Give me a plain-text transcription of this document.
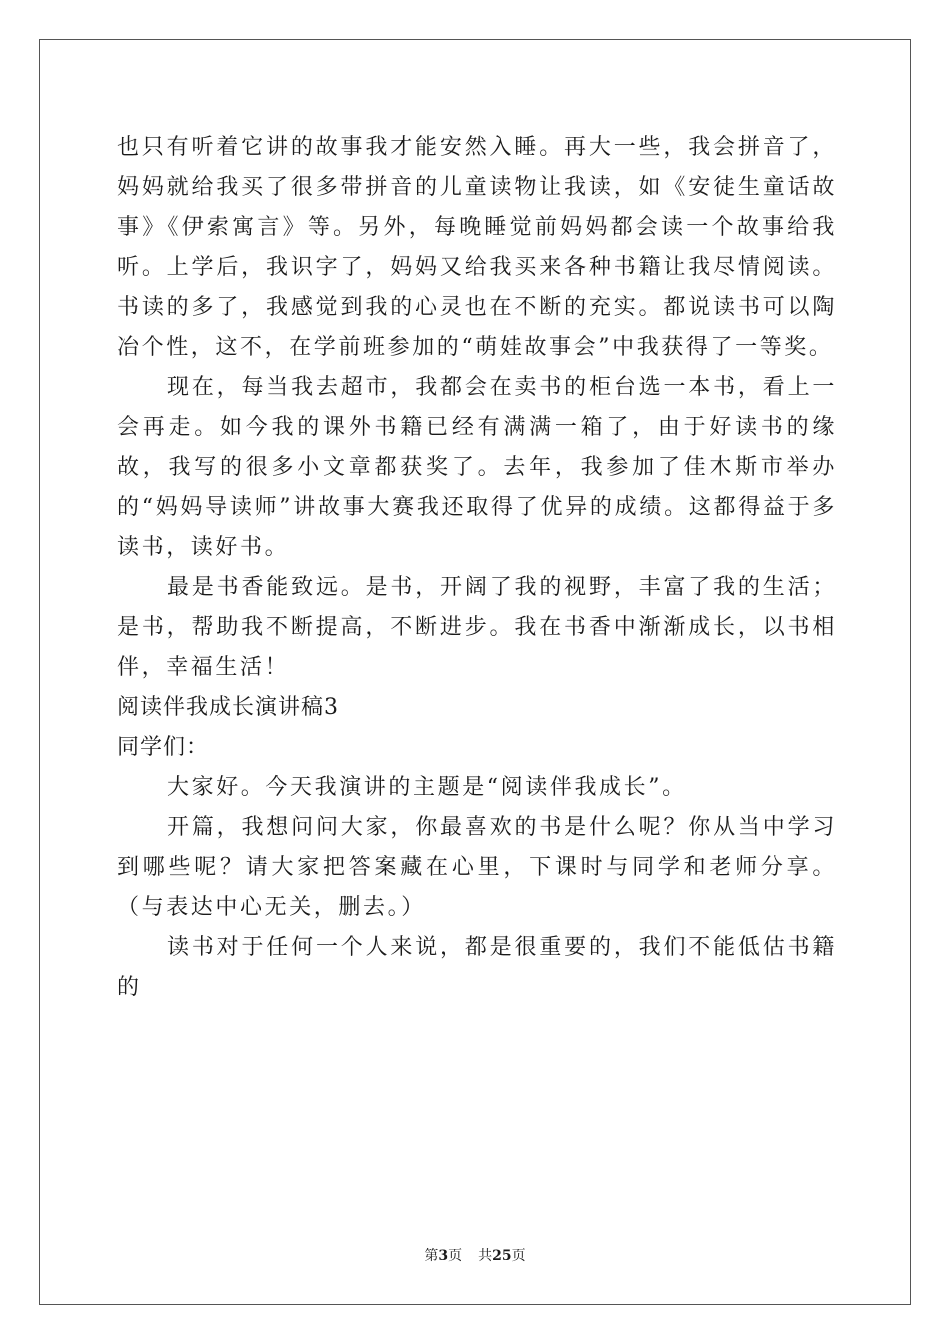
也只有听着它讲的故事我才能安然入睡。再大一些，我会拼音了，妈妈就给我买了很多带拼音的儿童读物让我读，如《安徒生童话故事》《伊索寓言》等。另外，每晚睡觉前妈妈都会读一个故事给我听。上学后，我识字了，妈妈又给我买来各种书籍让我尽情阅读。书读的多了，我感觉到我的心灵也在不断的充实。都说读书可以陶冶个性，这不，在学前班参加的“萌娃故事会”中我获得了一等奖。

现在，每当我去超市，我都会在卖书的柜台选一本书，看上一会再走。如今我的课外书籍已经有满满一箱了，由于好读书的缘故，我写的很多小文章都获奖了。去年，我参加了佳木斯市举办的“妈妈导读师”讲故事大赛我还取得了优异的成绩。这都得益于多读书，读好书。

最是书香能致远。是书，开阔了我的视野，丰富了我的生活；是书，帮助我不断提高，不断进步。我在书香中渐渐成长，以书相伴，幸福生活！

阅读伴我成长演讲稿3

同学们：

大家好。今天我演讲的主题是“阅读伴我成长”。

开篇，我想问问大家，你最喜欢的书是什么呢？你从当中学习到哪些呢？请大家把答案藏在心里，下课时与同学和老师分享。（与表达中心无关，删去。）

读书对于任何一个人来说，都是很重要的，我们不能低估书籍的

第3页 共25页
